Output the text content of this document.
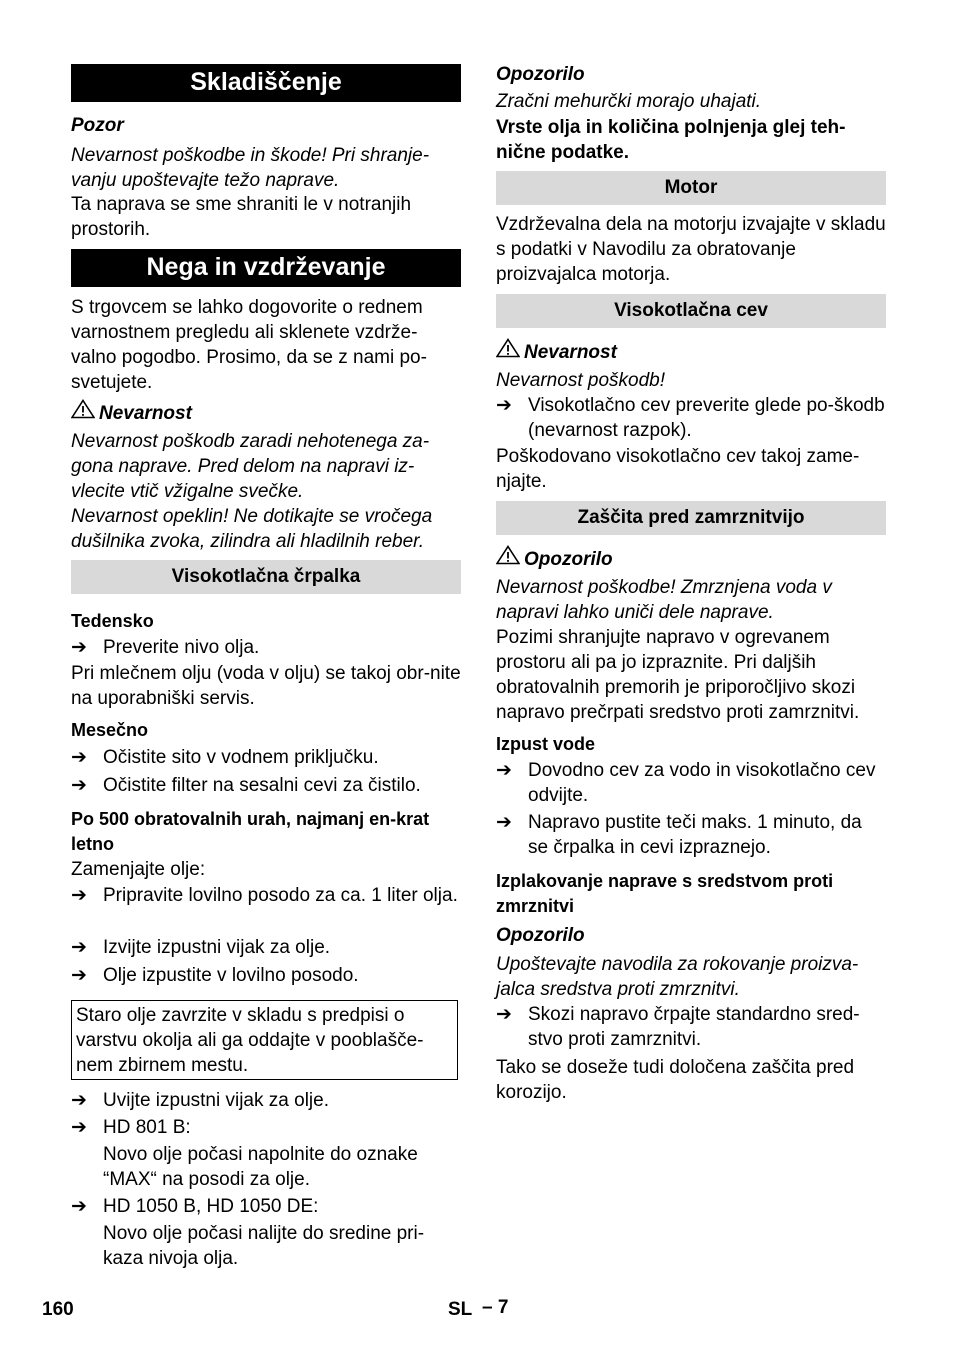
Skladiščenje
Pozor
Nevarnost poškodbe in škode! Pri shranje-vanju upoštevajte težo naprave.
Ta naprava se sme shraniti le v notranjih prostorih.
Nega in vzdrževanje
S trgovcem se lahko dogovorite o rednem varnostnem pregledu ali sklenete vzdrže-valno pogodbo. Prosimo, da se z nami po-svetujete.
Nevarnost
Nevarnost poškodb zaradi nehotenega za-gona naprave. Pred delom na napravi iz-vlecite vtič vžigalne svečke.
Nevarnost opeklin! Ne dotikajte se vročega dušilnika zvoka, zilindra ali hladilnih reber.
Visokotlačna črpalka
Tedensko
➔ Preverite nivo olja.
Pri mlečnem olju (voda v olju) se takoj obr-nite na uporabniški servis.
Mesečno
➔ Očistite sito v vodnem priključku.
➔ Očistite filter na sesalni cevi za čistilo.
Po 500 obratovalnih urah, najmanj en-krat letno
Zamenjajte olje:
➔ Pripravite lovilno posodo za ca. 1 liter olja.
➔ Izvijte izpustni vijak za olje.
➔ Olje izpustite v lovilno posodo.
Staro olje zavrzite v skladu s predpisi o varstvu okolja ali ga oddajte v pooblašče-nem zbirnem mestu.
➔ Uvijte izpustni vijak za olje.
➔ HD 801 B:
Novo olje počasi napolnite do oznake “MAX“ na posodi za olje.
➔ HD 1050 B, HD 1050 DE:
Novo olje počasi nalijte do sredine pri-kaza nivoja olja.
Opozorilo
Zračni mehurčki morajo uhajati.
Vrste olja in količina polnjenja glej teh-nične podatke.
Motor
Vzdrževalna dela na motorju izvajajte v skladu s podatki v Navodilu za obratovanje proizvajalca motorja.
Visokotlačna cev
Nevarnost
Nevarnost poškodb!
➔ Visokotlačno cev preverite glede po-škodb (nevarnost razpok).
Poškodovano visokotlačno cev takoj zame-njajte.
Zaščita pred zamrznitvijo
Opozorilo
Nevarnost poškodbe! Zmrznjena voda v napravi lahko uniči dele naprave.
Pozimi shranjujte napravo v ogrevanem prostoru ali pa jo izpraznite. Pri daljših obratovalnih premorih je priporočljivo skozi napravo prečrpati sredstvo proti zamrznitvi.
Izpust vode
➔ Dovodno cev za vodo in visokotlačno cev odvijte.
➔ Napravo pustite teči maks. 1 minuto, da se črpalka in cevi izpraznejo.
Izplakovanje naprave s sredstvom proti zmrznitvi
Opozorilo
Upoštevajte navodila za rokovanje proizva-jalca sredstva proti zmrznitvi.
➔ Skozi napravo črpajte standardno sred-stvo proti zamrznitvi.
Tako se doseže tudi določena zaščita pred korozijo.
160	SL – 7
